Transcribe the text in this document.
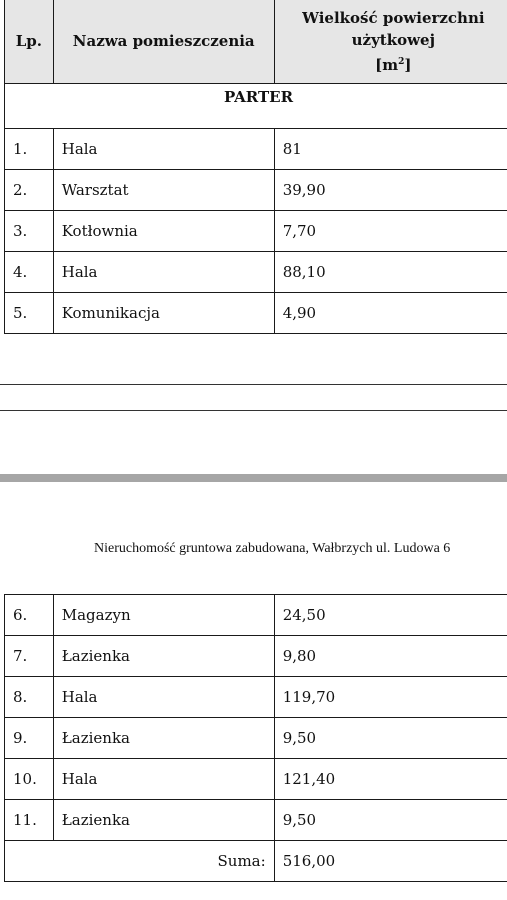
Lp.	Nazwa pomieszczenia	Wielkość powierzchni
użytkowej
$[m^2]$

PARTER		
1.	Hala	81
2.	Warsztat	39,90
3.	Kotłownia	7,70
4.	Hala	88,10
5.	Komunikacja	4,90
Nieruchomość gruntowa zabudowana, Wałbrzych ul. Ludowa 6
6.	Magazyn	24,50
7.	Łazienka	9,80
8.	Hala	119,70
9.	Łazienka	9,50
10.	Hala	121,40
11.	Łazienka	9,50
	Suma:	516,00
